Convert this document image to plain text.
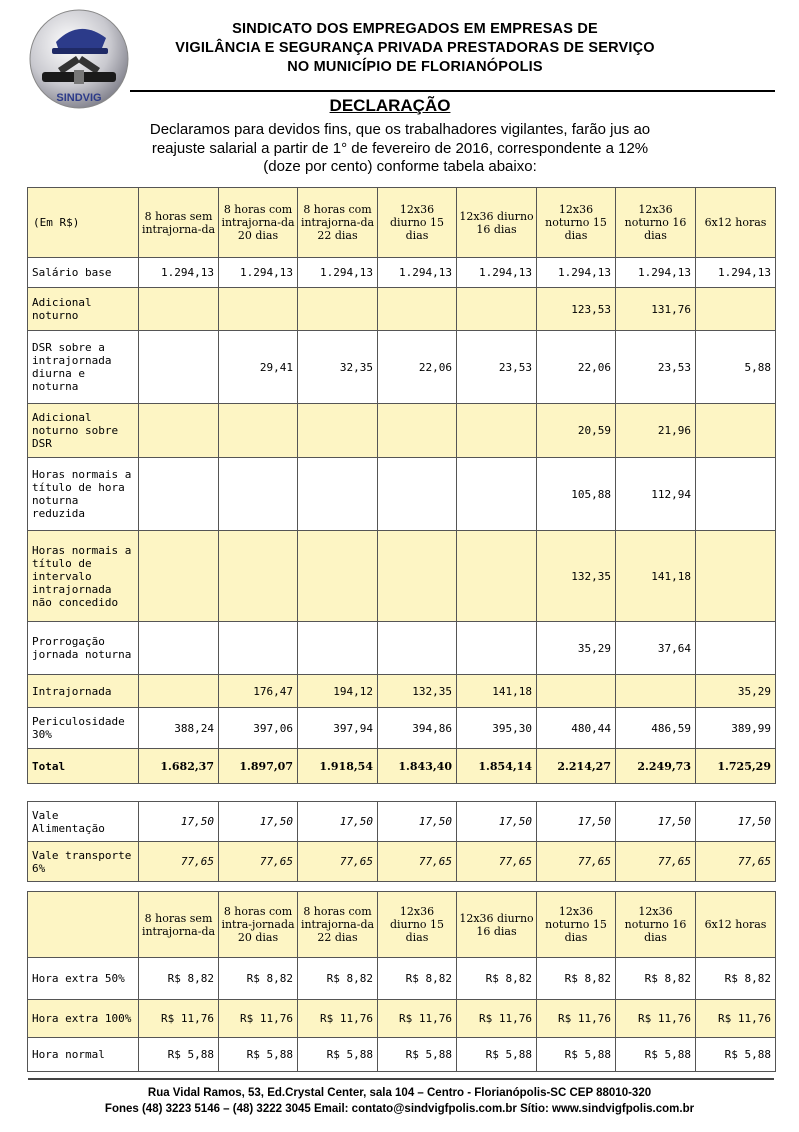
SINDVIG
SINDICATO DOS EMPREGADOS EM EMPRESAS DE
VIGILÂNCIA E SEGURANÇA PRIVADA PRESTADORAS DE SERVIÇO
NO MUNICÍPIO DE FLORIANÓPOLIS
DECLARAÇÃO
Declaramos para devidos fins, que os trabalhadores vigilantes, farão jus ao
reajuste salarial a partir de 1° de fevereiro de 2016, correspondente a 12%
(doze por cento) conforme tabela abaixo:
(Em R$)	8 horas sem intrajorna-da	8 horas com intrajorna-da 20 dias	8 horas com intrajorna-da 22 dias	12x36 diurno 15 dias	12x36 diurno 16 dias	12x36 noturno 15 dias	12x36 noturno 16 dias	6x12 horas
Salário base	1.294,13	1.294,13	1.294,13	1.294,13	1.294,13	1.294,13	1.294,13	1.294,13
Adicional noturno						123,53	131,76	
DSR sobre a intrajornada diurna e noturna		29,41	32,35	22,06	23,53	22,06	23,53	5,88
Adicional noturno sobre DSR						20,59	21,96	
Horas normais a título de hora noturna reduzida						105,88	112,94	
Horas normais a título de intervalo intrajornada não concedido						132,35	141,18	
Prorrogação jornada noturna						35,29	37,64	
Intrajornada		176,47	194,12	132,35	141,18			35,29
Periculosidade 30%	388,24	397,06	397,94	394,86	395,30	480,44	486,59	389,99
Total	1.682,37	1.897,07	1.918,54	1.843,40	1.854,14	2.214,27	2.249,73	1.725,29
Vale Alimentação	17,50	17,50	17,50	17,50	17,50	17,50	17,50	17,50
Vale transporte 6%	77,65	77,65	77,65	77,65	77,65	77,65	77,65	77,65
	8 horas sem intrajorna-da	8 horas com intra-jornada 20 dias	8 horas com intrajorna-da 22 dias	12x36 diurno 15 dias	12x36 diurno 16 dias	12x36 noturno 15 dias	12x36 noturno 16 dias	6x12 horas
Hora extra 50%	R$ 8,82	R$ 8,82	R$ 8,82	R$ 8,82	R$ 8,82	R$ 8,82	R$ 8,82	R$ 8,82
Hora extra 100%	R$ 11,76	R$ 11,76	R$ 11,76	R$ 11,76	R$ 11,76	R$ 11,76	R$ 11,76	R$ 11,76
Hora normal	R$ 5,88	R$ 5,88	R$ 5,88	R$ 5,88	R$ 5,88	R$ 5,88	R$ 5,88	R$ 5,88
Rua Vidal Ramos, 53, Ed.Crystal Center, sala 104 – Centro - Florianópolis-SC CEP 88010-320
Fones (48) 3223 5146 – (48) 3222 3045 Email: contato@sindvigfpolis.com.br Sítio: www.sindvigfpolis.com.br
